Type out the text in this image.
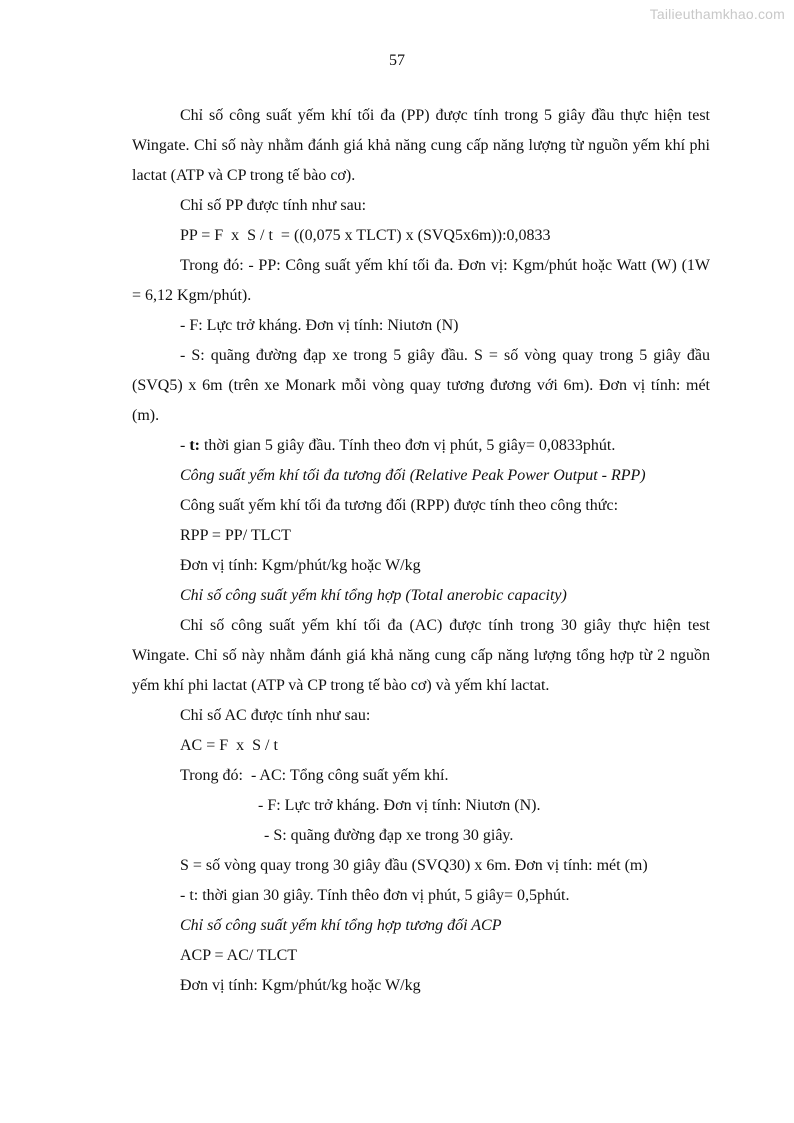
Tailieuthamkhao.com
57

Chỉ số công suất yếm khí tối đa (PP) được tính trong 5 giây đầu thực hiện test Wingate. Chỉ số này nhằm đánh giá khả năng cung cấp năng lượng từ nguồn yếm khí phi lactat (ATP và CP trong tế bào cơ).

Chỉ số PP được tính như sau:

PP = F  x  S / t  = ((0,075 x TLCT) x (SVQ5x6m)):0,0833

Trong đó: - PP: Công suất yếm khí tối đa. Đơn vị: Kgm/phút hoặc Watt (W) (1W = 6,12 Kgm/phút).

- F: Lực trở kháng. Đơn vị tính: Niutơn (N)

- S: quãng đường đạp xe trong 5 giây đầu. S = số vòng quay trong 5 giây đầu (SVQ5) x 6m (trên xe Monark mỗi vòng quay tương đương với 6m). Đơn vị tính: mét (m).

- t: thời gian 5 giây đầu. Tính theo đơn vị phút, 5 giây= 0,0833phút.

Công suất yếm khí tối đa tương đối (Relative Peak Power Output - RPP)

Công suất yếm khí tối đa tương đối (RPP) được tính theo công thức:

RPP = PP/ TLCT

Đơn vị tính: Kgm/phút/kg hoặc W/kg

Chỉ số công suất yếm khí tổng hợp (Total anerobic capacity)

Chỉ số công suất yếm khí tối đa (AC) được tính trong 30 giây thực hiện test Wingate. Chỉ số này nhằm đánh giá khả năng cung cấp năng lượng tổng hợp từ 2 nguồn yếm khí phi lactat (ATP và CP trong tế bào cơ) và yếm khí lactat.

Chỉ số AC được tính như sau:

AC = F  x  S / t

Trong đó:  - AC: Tổng công suất yếm khí.

- F: Lực trở kháng. Đơn vị tính: Niutơn (N).

- S: quãng đường đạp xe trong 30 giây.

S = số vòng quay trong 30 giây đầu (SVQ30) x 6m. Đơn vị tính: mét (m)

- t: thời gian 30 giây. Tính thêo đơn vị phút, 5 giây= 0,5phút.

Chỉ số công suất yếm khí tổng hợp tương đối ACP

ACP = AC/ TLCT

Đơn vị tính: Kgm/phút/kg hoặc W/kg
